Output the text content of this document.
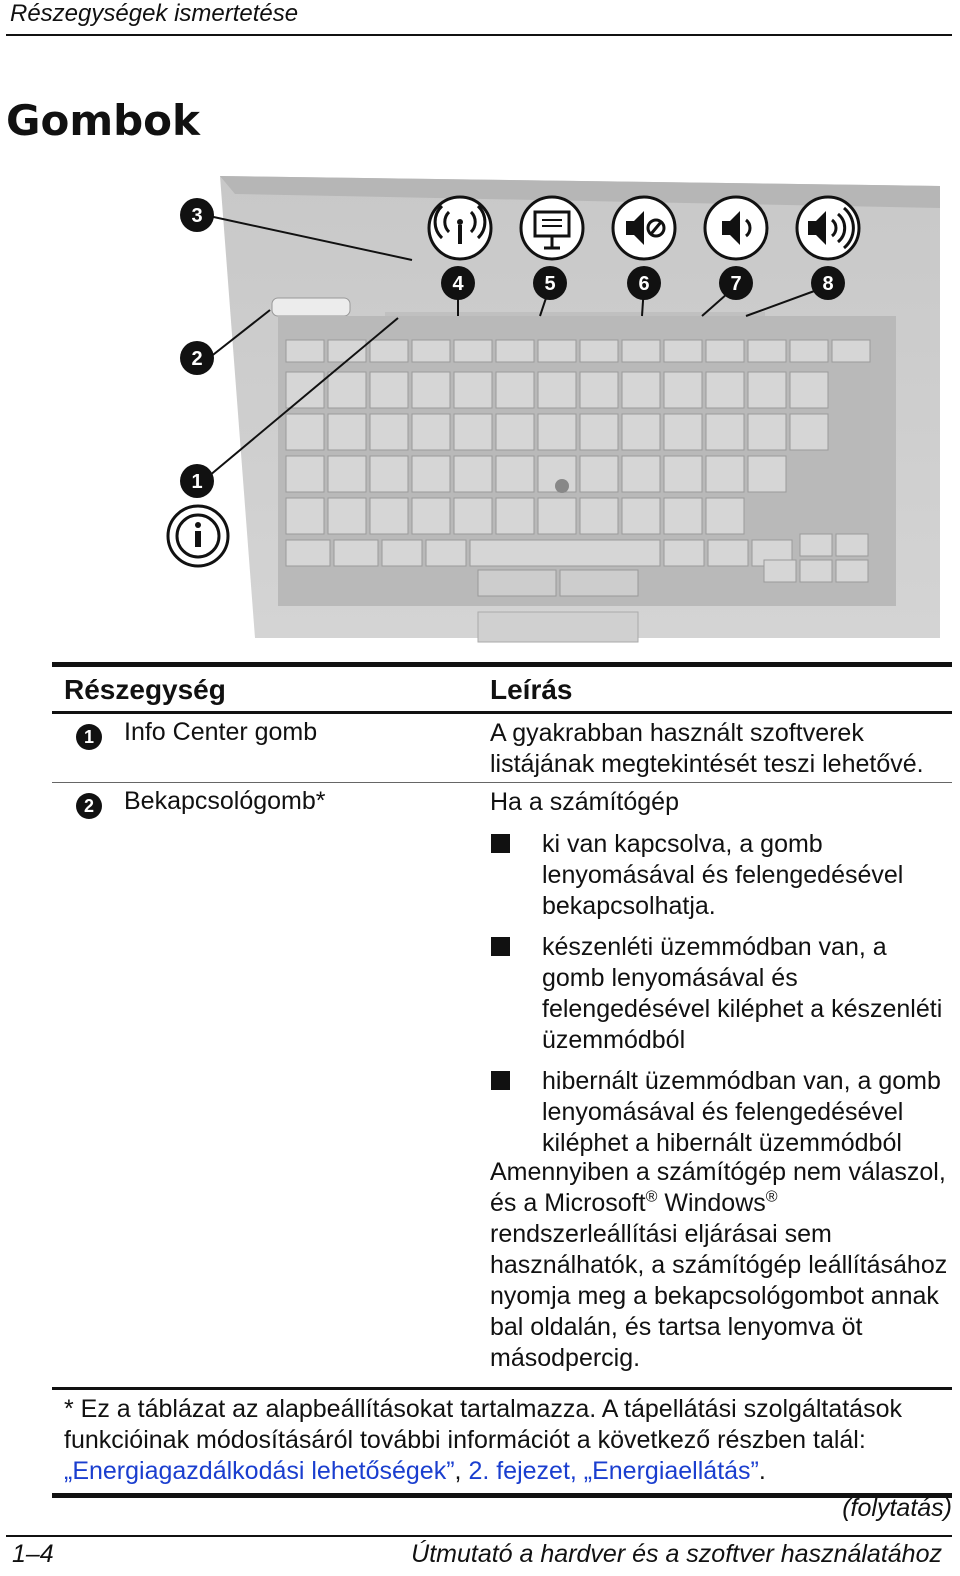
Részegységek ismertetése
Gombok
3
2
1
4	5	6	7	8
Részegység	Leírás
1	Info Center gomb	A gyakrabban használt szoftverek listájának megtekintését teszi lehetővé.

2	Bekapcsológomb*	Ha a számítógép

ki van kapcsolva, a gomb lenyomásával és felengedésével bekapcsolhatja.
készenléti üzemmódban van, a gomb lenyomásával és felengedésével kiléphet a készenléti üzemmódból
hibernált üzemmódban van, a gomb lenyomásával és felengedésével kiléphet a hibernált üzemmódból

Amennyiben a számítógép nem válaszol, és a Microsoft® Windows® rendszerleállítási eljárásai sem használhatók, a számítógép leállításához nyomja meg a bekapcsológombot annak bal oldalán, és tartsa lenyomva öt másodpercig.

* Ez a táblázat az alapbeállításokat tartalmazza. A tápellátási szolgáltatások funkcióinak módosításáról további információt a következő részben talál: „Energiagazdálkodási lehetőségek”, 2. fejezet, „Energiaellátás”.
(folytatás)
1–4	Útmutató a hardver és a szoftver használatához
